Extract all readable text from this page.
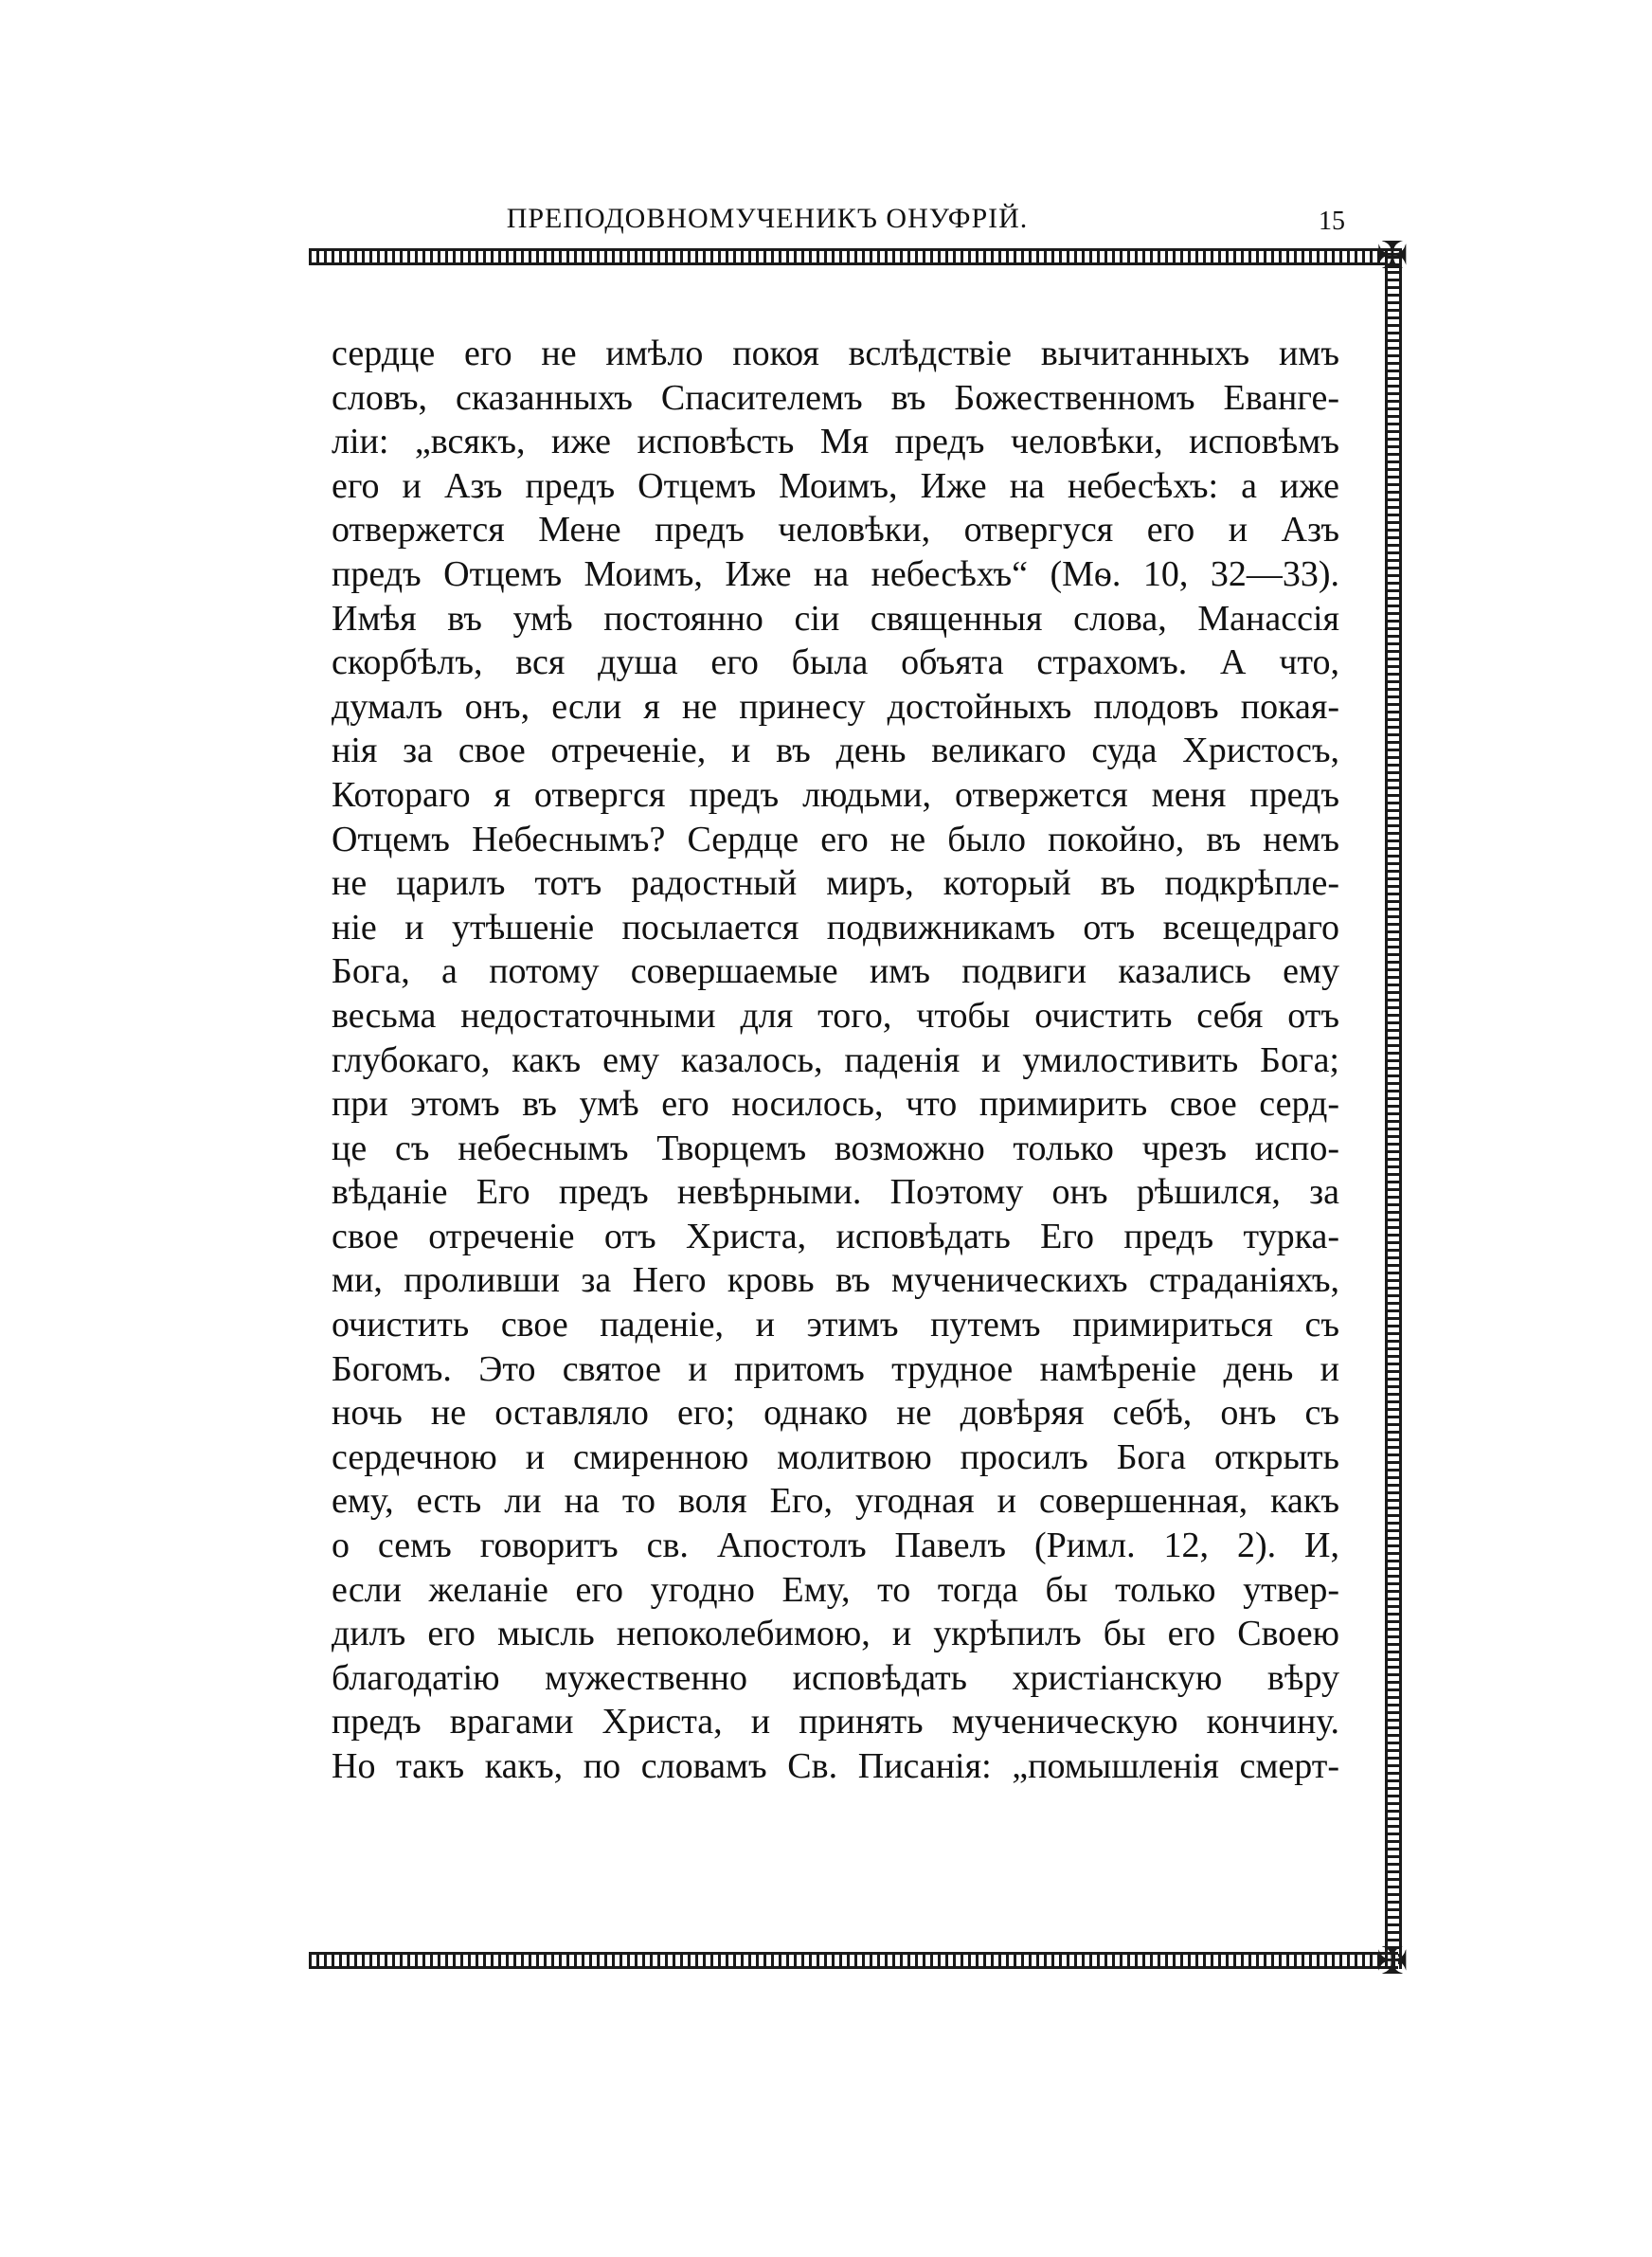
ПРЕПОДОВНОМУЧЕНИКЪ ОНУФРІЙ.	15
✠
✠
сердце его не имѣло покоя вслѣдствіе вычитанныхъ имъ
словъ, сказанныхъ Спасителемъ въ Божественномъ Еванге-
ліи: „всякъ, иже исповѣсть Мя предъ человѣки, исповѣмъ
его и Азъ предъ Отцемъ Моимъ, Иже на небесѣхъ: а иже
отвержется Мене предъ человѣки, отвергуся его и Азъ
предъ Отцемъ Моимъ, Иже на небесѣхъ“ (Мѳ. 10, 32—33).
Имѣя въ умѣ постоянно сіи священныя слова, Манассія
скорбѣлъ, вся душа его была объята страхомъ. А что,
думалъ онъ, если я не принесу достойныхъ плодовъ покая-
нія за свое отреченіе, и въ день великаго суда Христосъ,
Котораго я отвергся предъ людьми, отвержется меня предъ
Отцемъ Небеснымъ? Сердце его не было покойно, въ немъ
не царилъ тотъ радостный миръ, который въ подкрѣпле-
ніе и утѣшеніе посылается подвижникамъ отъ всещедраго
Бога, а потому совершаемые имъ подвиги казались ему
весьма недостаточными для того, чтобы очистить себя отъ
глубокаго, какъ ему казалось, паденія и умилостивить Бога;
при этомъ въ умѣ его носилось, что примирить свое серд-
це съ небеснымъ Творцемъ возможно только чрезъ испо-
вѣданіе Его предъ невѣрными. Поэтому онъ рѣшился, за
свое отреченіе отъ Христа, исповѣдать Его предъ турка-
ми, проливши за Него кровь въ мученическихъ страданіяхъ,
очистить свое паденіе, и этимъ путемъ примириться съ
Богомъ. Это святое и притомъ трудное намѣреніе день и
ночь не оставляло его; однако не довѣряя себѣ, онъ съ
сердечною и смиренною молитвою просилъ Бога открыть
ему, есть ли на то воля Его, угодная и совершенная, какъ
о семъ говоритъ св. Апостолъ Павелъ (Римл. 12, 2). И,
если желаніе его угодно Ему, то тогда бы только утвер-
дилъ его мысль непоколебимою, и укрѣпилъ бы его Своею
благодатію мужественно исповѣдать христіанскую вѣру
предъ врагами Христа, и принять мученическую кончину.
Но такъ какъ, по словамъ Св. Писанія: „помышленія смерт-
